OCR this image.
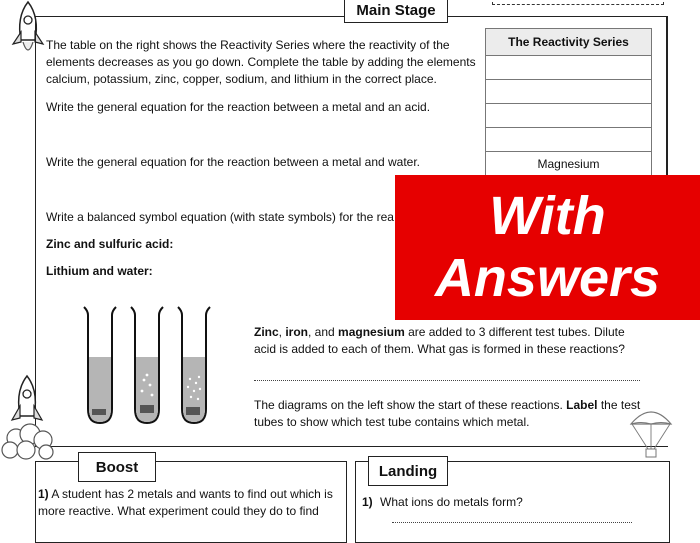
Main Stage
The table on the right shows the Reactivity Series where the reactivity of the elements decreases as you go down. Complete the table by adding the elements calcium, potassium, zinc, copper, sodium, and lithium in the correct place.
Write the general equation for the reaction between a metal and an acid.
Write the general equation for the reaction between a metal and water.
Write a balanced symbol equation (with state symbols) for the rea
Zinc and sulfuric acid:
Lithium and water:
The Reactivity Series

Magnesium

With
Answers
Zinc, iron, and magnesium are added to 3 different test tubes. Dilute acid is added to each of them. What gas is formed in these reactions?
The diagrams on the left show the start of these reactions. Label the test tubes to show which test tube contains which metal.
Boost
1) A student has 2 metals and wants to find out which is more reactive. What experiment could they do to find
Landing
1) What ions do metals form?
